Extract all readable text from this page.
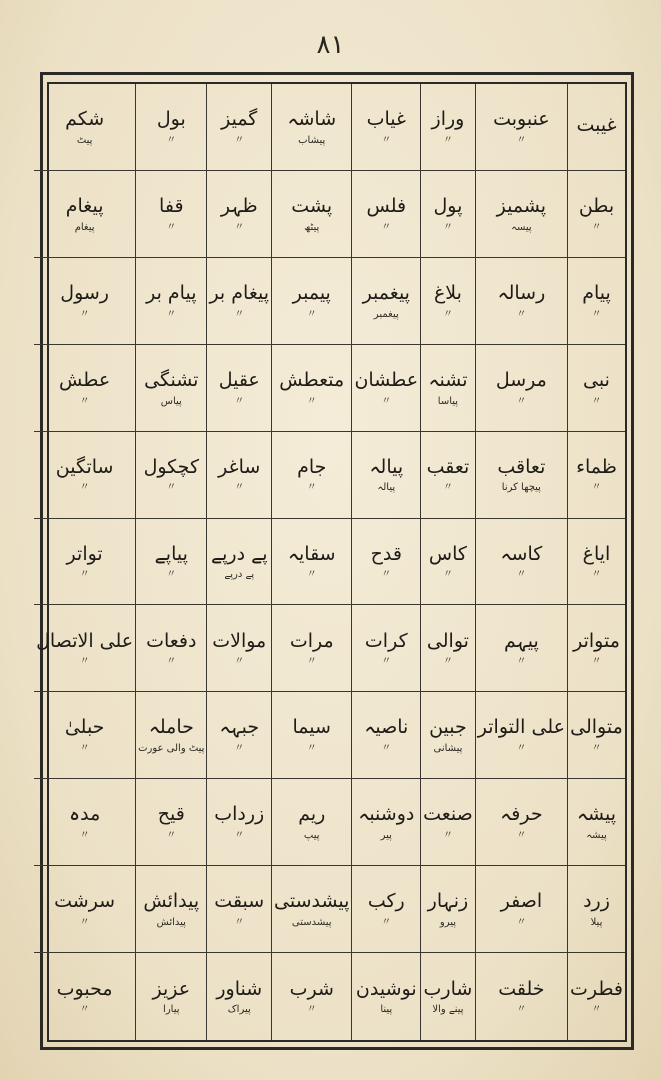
۸۱
غیبت
عنبوبت
〃
وراز
〃
غیاب
〃
شاشہ
پیشاب
گمیز
〃
بول
〃
شکم
پیٹ
بطن
〃
پشمیز
پیسہ
پول
〃
فلس
〃
پشت
پیٹھ
ظہر
〃
قفا
〃
پیغام
پیغام
پیام
〃
رسالہ
〃
بلاغ
〃
پیغمبر
پیغمبر
پیمبر
〃
پیغام بر
〃
پیام بر
〃
رسول
〃
نبی
〃
مرسل
〃
تشنہ
پیاسا
عطشان
〃
متعطش
〃
عقیل
〃
تشنگی
پیاس
عطش
〃
ظماء
〃
تعاقب
پیچھا کرنا
تعقب
〃
پیالہ
پیالہ
جام
〃
ساغر
〃
کچکول
〃
ساتگین
〃
ایاغ
〃
کاسہ
〃
کاس
〃
قدح
〃
سقایہ
〃
پے درپے
پے درپے
پیاپے
〃
تواتر
〃
متواتر
〃
پیہم
〃
توالی
〃
کرات
〃
مرات
〃
موالات
〃
دفعات
〃
علی الاتصال
〃
متوالی
〃
علی التواتر
〃
جبین
پیشانی
ناصیہ
〃
سیما
〃
جبہہ
〃
حاملہ
پیٹ والی عورت
حبلیٰ
〃
پیشہ
پیشہ
حرفہ
〃
صنعت
〃
دوشنبہ
پیر
ریم
پیپ
زرداب
〃
قیح
〃
مدہ
〃
زرد
پیلا
اصفر
〃
زنہار
پیرو
رکب
〃
پیشدستی
پیشدستی
سبقت
〃
پیدائش
پیدائش
سرشت
〃
فطرت
〃
خلقت
〃
شارب
پینے والا
نوشیدن
پینا
شرب
〃
شناور
پیراک
عزیز
پیارا
محبوب
〃
